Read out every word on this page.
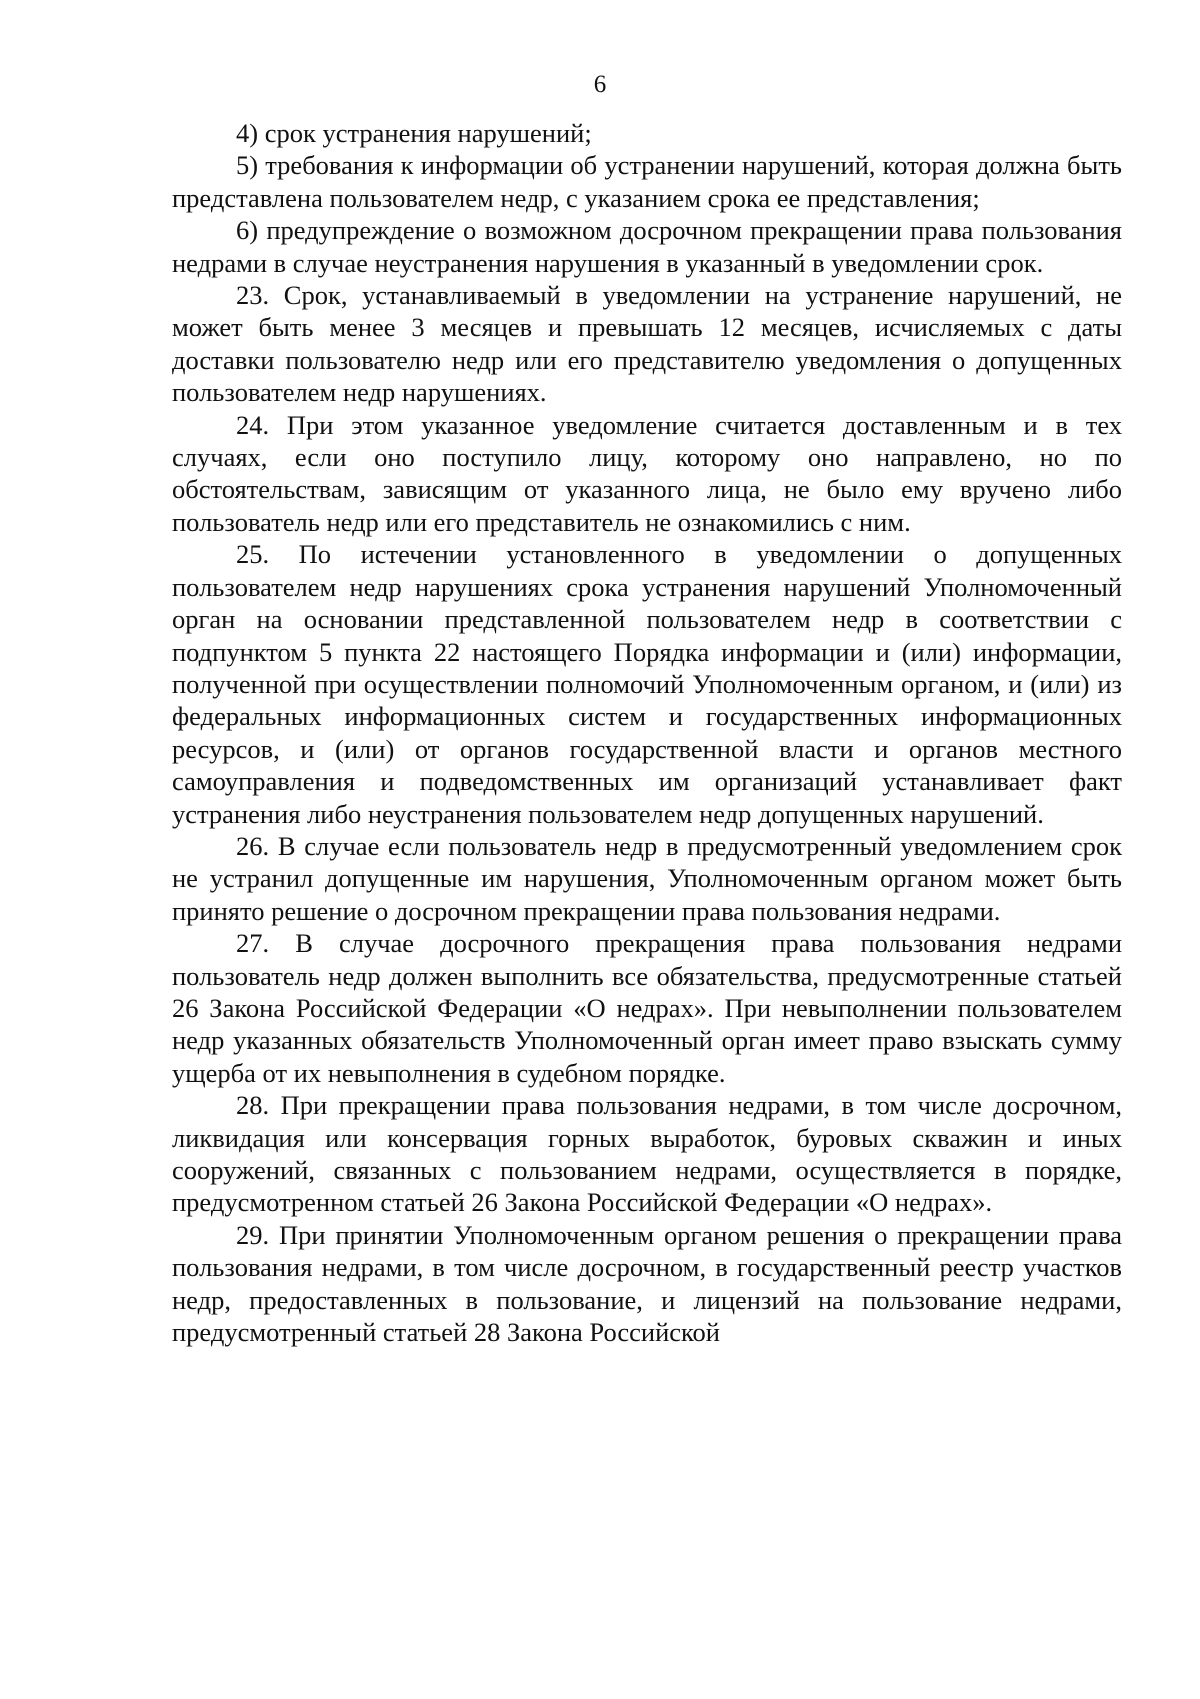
6

4) срок устранения нарушений;

5) требования к информации об устранении нарушений, которая должна быть представлена пользователем недр, с указанием срока ее представления;

6) предупреждение о возможном досрочном прекращении права пользования недрами в случае неустранения нарушения в указанный в уведомлении срок.

23. Срок, устанавливаемый в уведомлении на устранение нарушений, не может быть менее 3 месяцев и превышать 12 месяцев, исчисляемых с даты доставки пользователю недр или его представителю уведомления о допущенных пользователем недр нарушениях.

24. При этом указанное уведомление считается доставленным и в тех случаях, если оно поступило лицу, которому оно направлено, но по обстоятельствам, зависящим от указанного лица, не было ему вручено либо пользователь недр или его представитель не ознакомились с ним.

25. По истечении установленного в уведомлении о допущенных пользователем недр нарушениях срока устранения нарушений Уполномоченный орган на основании представленной пользователем недр в соответствии с подпунктом 5 пункта 22 настоящего Порядка информации и (или) информации, полученной при осуществлении полномочий Уполномоченным органом, и (или) из федеральных информационных систем и государственных информационных ресурсов, и (или) от органов государственной власти и органов местного самоуправления и подведомственных им организаций устанавливает факт устранения либо неустранения пользователем недр допущенных нарушений.

26. В случае если пользователь недр в предусмотренный уведомлением срок не устранил допущенные им нарушения, Уполномоченным органом может быть принято решение о досрочном прекращении права пользования недрами.

27. В случае досрочного прекращения права пользования недрами пользователь недр должен выполнить все обязательства, предусмотренные статьей 26 Закона Российской Федерации «О недрах». При невыполнении пользователем недр указанных обязательств Уполномоченный орган имеет право взыскать сумму ущерба от их невыполнения в судебном порядке.

28. При прекращении права пользования недрами, в том числе досрочном, ликвидация или консервация горных выработок, буровых скважин и иных сооружений, связанных с пользованием недрами, осуществляется в порядке, предусмотренном статьей 26 Закона Российской Федерации «О недрах».

29. При принятии Уполномоченным органом решения о прекращении права пользования недрами, в том числе досрочном, в государственный реестр участков недр, предоставленных в пользование, и лицензий на пользование недрами, предусмотренный статьей 28 Закона Российской
